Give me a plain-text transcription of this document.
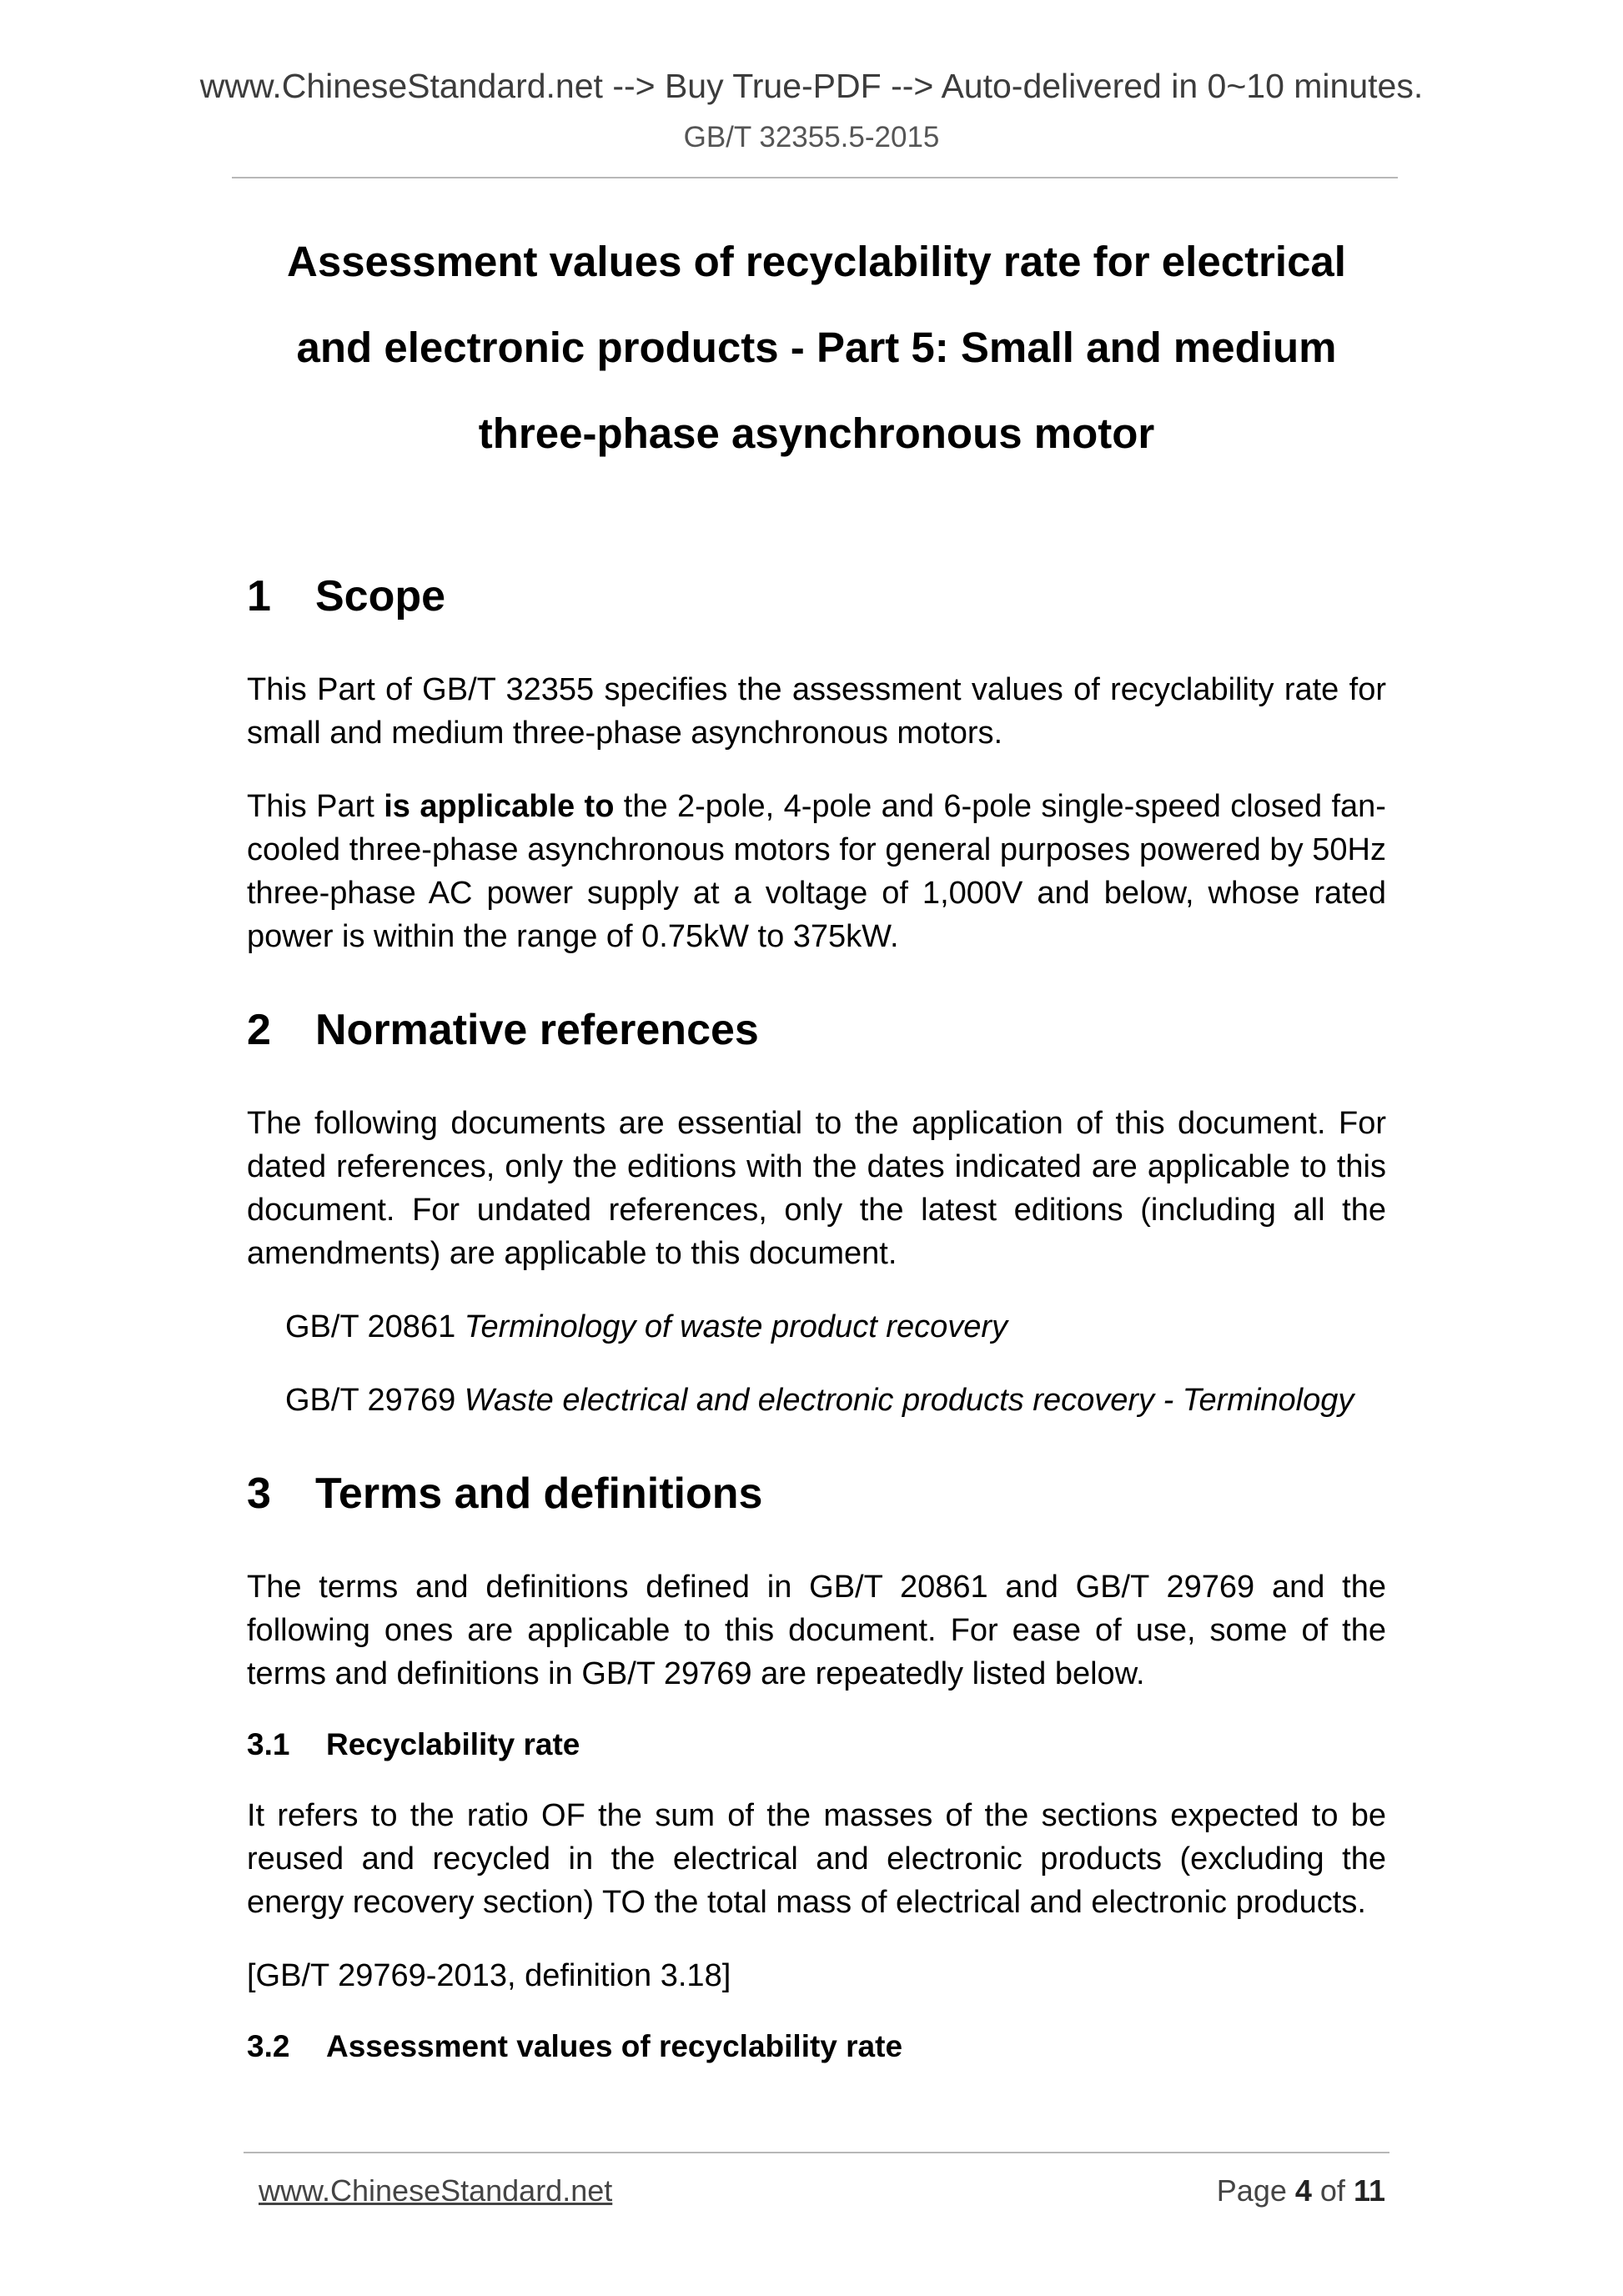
www.ChineseStandard.net --> Buy True-PDF --> Auto-delivered in 0~10 minutes.
GB/T 32355.5-2015
Assessment values of recyclability rate for electrical
and electronic products - Part 5: Small and medium
three-phase asynchronous motor
1 Scope

This Part of GB/T 32355 specifies the assessment values of recyclability rate for small and medium three-phase asynchronous motors.

This Part is applicable to the 2-pole, 4-pole and 6-pole single-speed closed fan-cooled three-phase asynchronous motors for general purposes powered by 50Hz three-phase AC power supply at a voltage of 1,000V and below, whose rated power is within the range of 0.75kW to 375kW.

2 Normative references

The following documents are essential to the application of this document. For dated references, only the editions with the dates indicated are applicable to this document. For undated references, only the latest editions (including all the amendments) are applicable to this document.

GB/T 20861 Terminology of waste product recovery
GB/T 29769 Waste electrical and electronic products recovery - Terminology
3 Terms and definitions

The terms and definitions defined in GB/T 20861 and GB/T 29769 and the following ones are applicable to this document. For ease of use, some of the terms and definitions in GB/T 29769 are repeatedly listed below.

3.1 Recyclability rate

It refers to the ratio OF the sum of the masses of the sections expected to be reused and recycled in the electrical and electronic products (excluding the energy recovery section) TO the total mass of electrical and electronic products.

[GB/T 29769-2013, definition 3.18]

3.2 Assessment values of recyclability rate
www.ChineseStandard.net	Page 4 of 11
